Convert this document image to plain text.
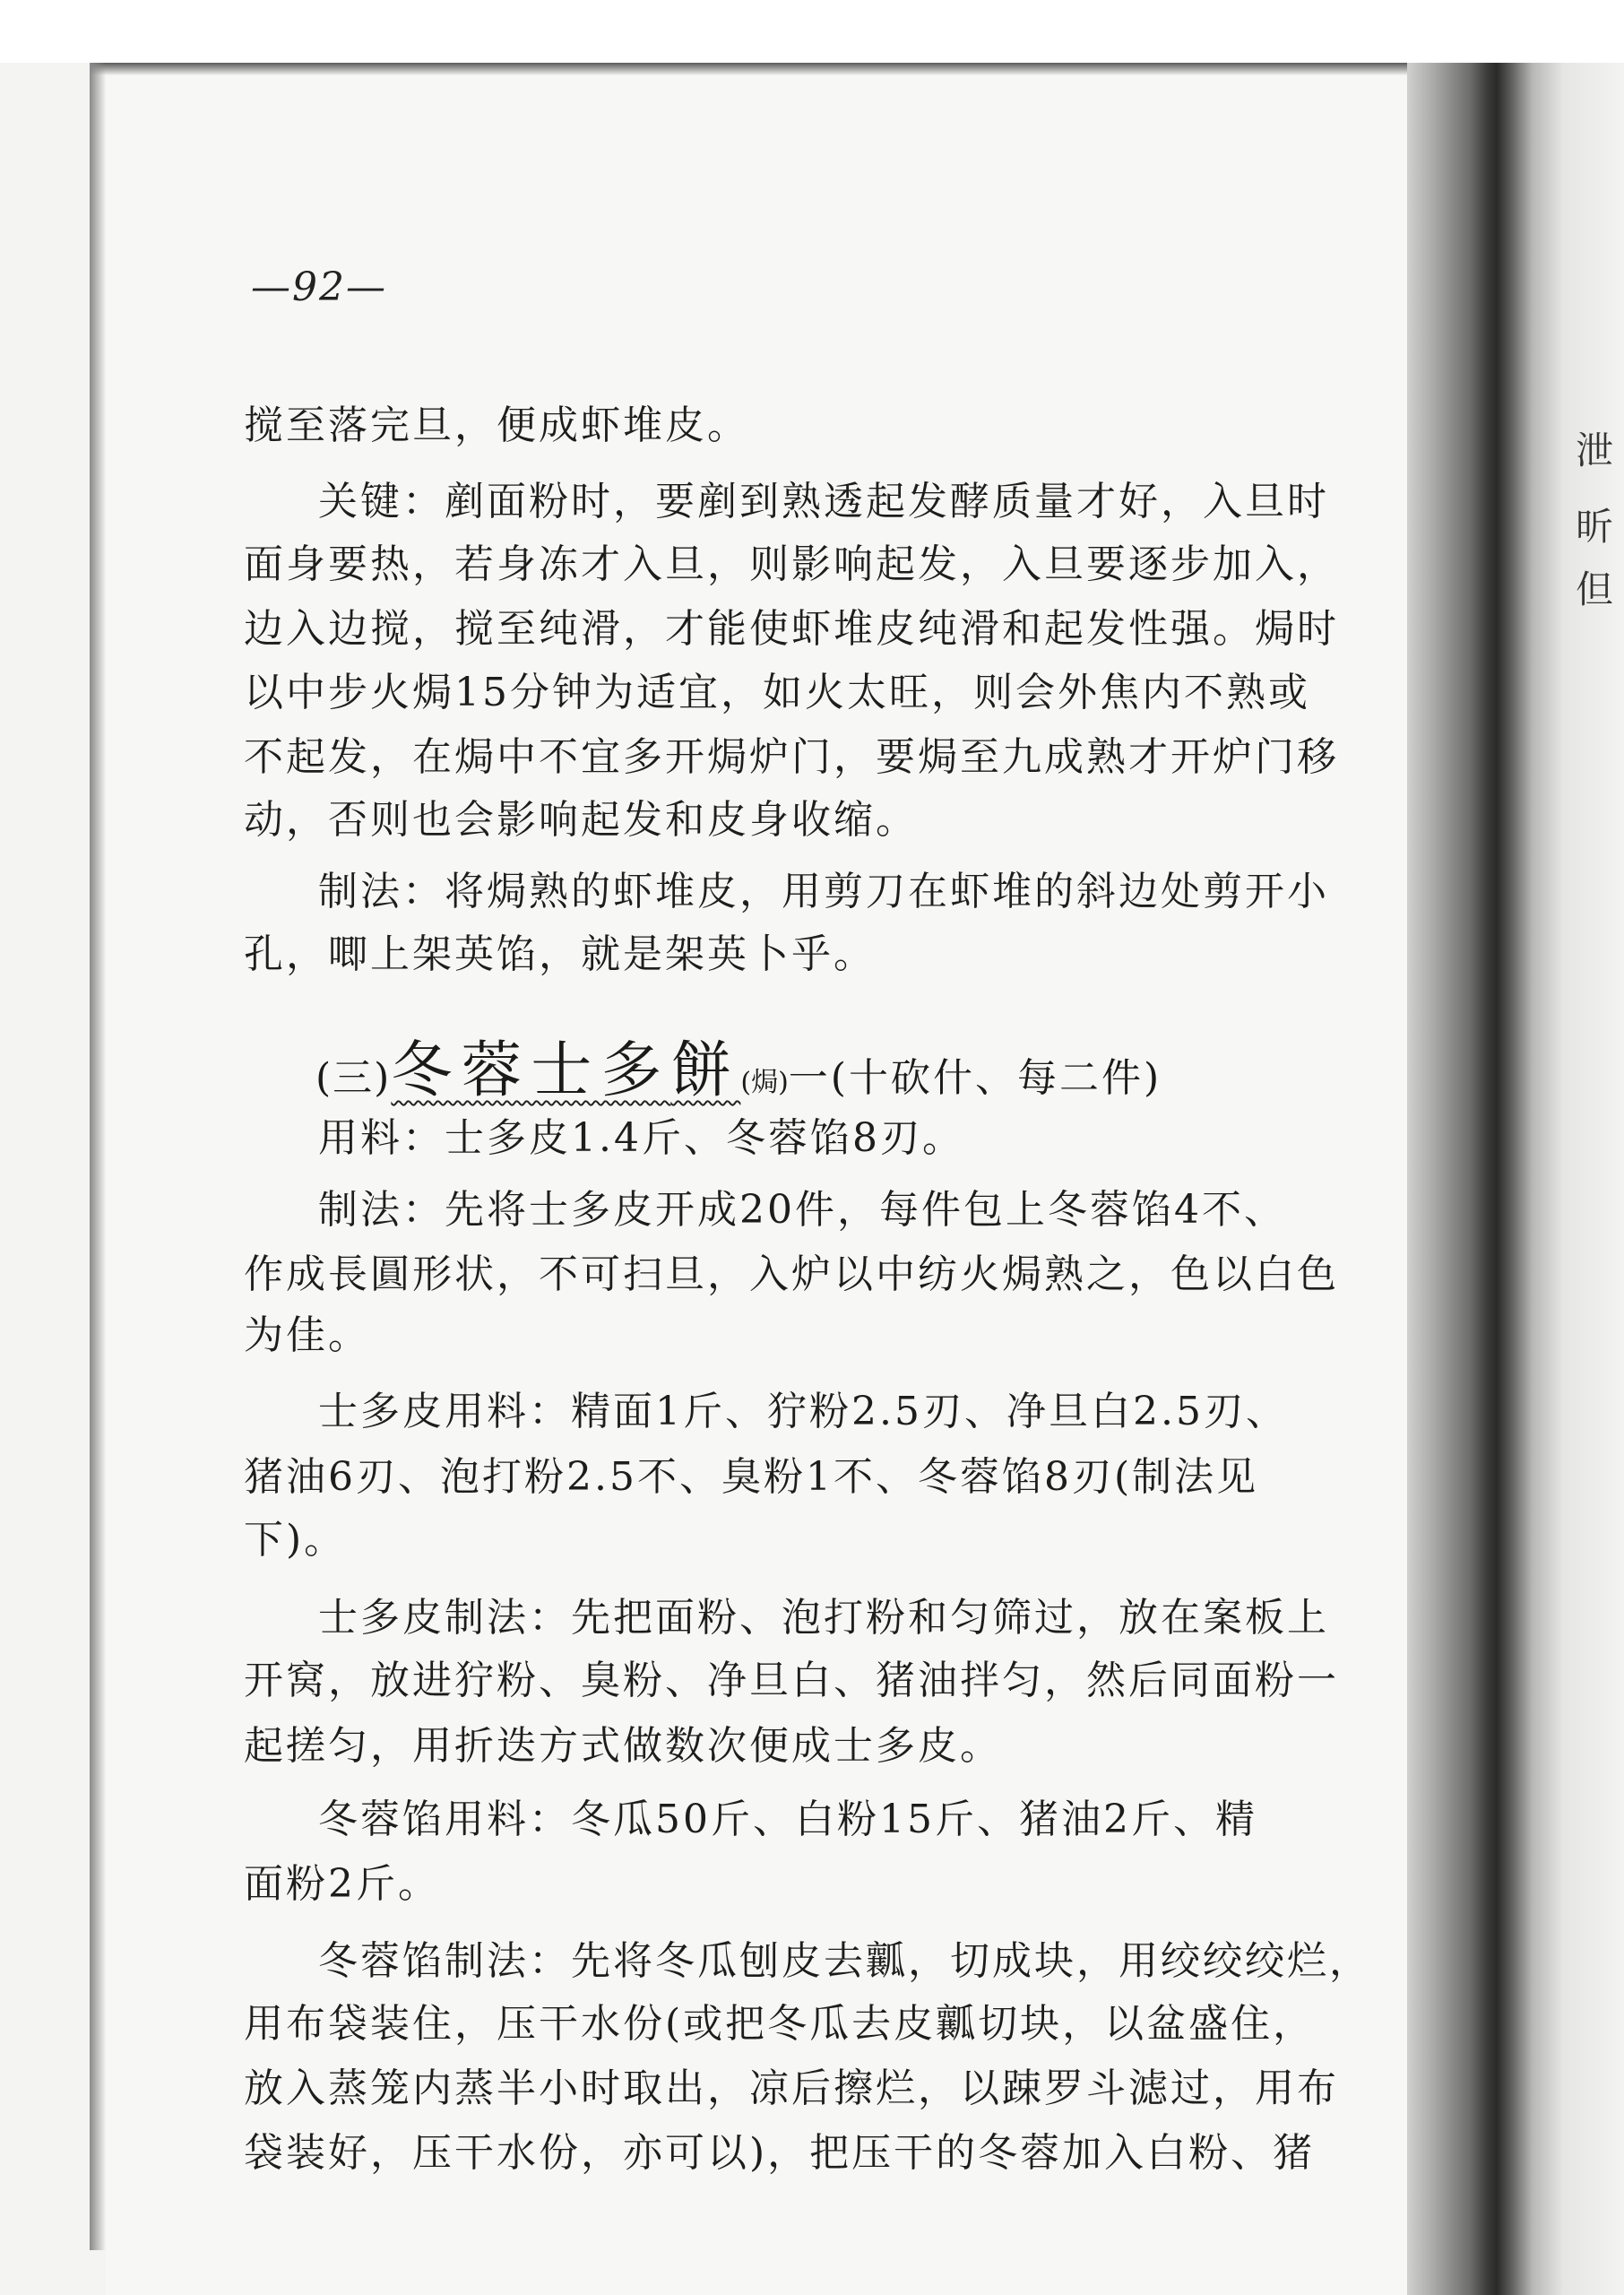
—92—
搅至落完旦，便成虾堆皮。
关键：剷面粉时，要剷到熟透起发酵质量才好，入旦时
面身要热，若身冻才入旦，则影响起发，入旦要逐步加入，
边入边搅，搅至纯滑，才能使虾堆皮纯滑和起发性强。焗时
以中步火焗15分钟为适宜，如火太旺，则会外焦内不熟或
不起发，在焗中不宜多开焗炉门，要焗至九成熟才开炉门移
动，否则也会影响起发和皮身收缩。
制法：将焗熟的虾堆皮，用剪刀在虾堆的斜边处剪开小
孔，唧上架英馅，就是架英卜乎。
(三)冬蓉士多餅(焗)一(十砍什、每二件)
用料：士多皮1.4斤、冬蓉馅8刃。
制法：先将士多皮开成20件，每件包上冬蓉馅4不、
作成長圓形状，不可扫旦，入炉以中纺火焗熟之，色以白色
为佳。
士多皮用料：精面1斤、狞粉2.5刃、净旦白2.5刃、
猪油6刃、泡打粉2.5不、臭粉1不、冬蓉馅8刃(制法见
下)。
士多皮制法：先把面粉、泡打粉和匀筛过，放在案板上
开窝，放进狞粉、臭粉、净旦白、猪油拌匀，然后同面粉一
起搓匀，用折迭方式做数次便成士多皮。
冬蓉馅用料：冬瓜50斤、白粉15斤、猪油2斤、精
面粉2斤。
冬蓉馅制法：先将冬瓜刨皮去瓤，切成块，用绞绞绞烂，
用布袋装住，压干水份(或把冬瓜去皮瓤切块，以盆盛住，
放入蒸笼内蒸半小时取出，凉后擦烂，以踈罗斗滤过，用布
袋装好，压干水份，亦可以)，把压干的冬蓉加入白粉、猪
泄
昕
但
